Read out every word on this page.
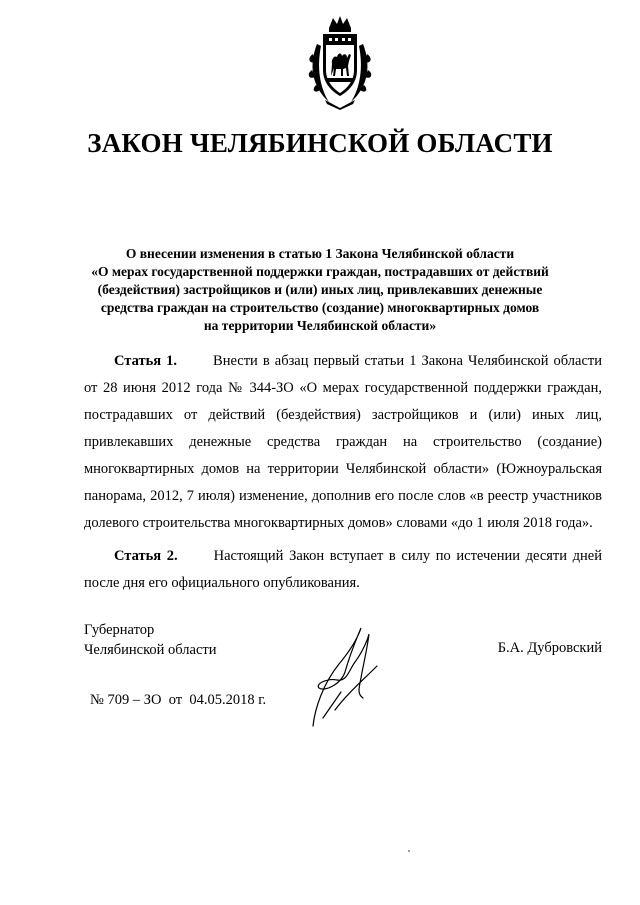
ЗАКОН ЧЕЛЯБИНСКОЙ ОБЛАСТИ
О внесении изменения в статью 1 Закона Челябинской области
«О мерах государственной поддержки граждан, пострадавших от действий
(бездействия) застройщиков и (или) иных лиц, привлекавших денежные
средства граждан на строительство (создание) многоквартирных домов
на территории Челябинской области»
Статья 1. Внести в абзац первый статьи 1 Закона Челябинской области от 28 июня 2012 года № 344-ЗО «О мерах государственной поддержки граждан, пострадавших от действий (бездействия) застройщиков и (или) иных лиц, привлекавших денежные средства граждан на строительство (создание) многоквартирных домов на территории Челябинской области» (Южноуральская панорама, 2012, 7 июля) изменение, дополнив его после слов «в реестр участников долевого строительства многоквартирных домов» словами «до 1 июля 2018 года».
Статья 2. Настоящий Закон вступает в силу по истечении десяти дней после дня его официального опубликования.
Губернатор
Челябинской области	Б.А. Дубровский
№ 709 – ЗО  от  04.05.2018 г.
